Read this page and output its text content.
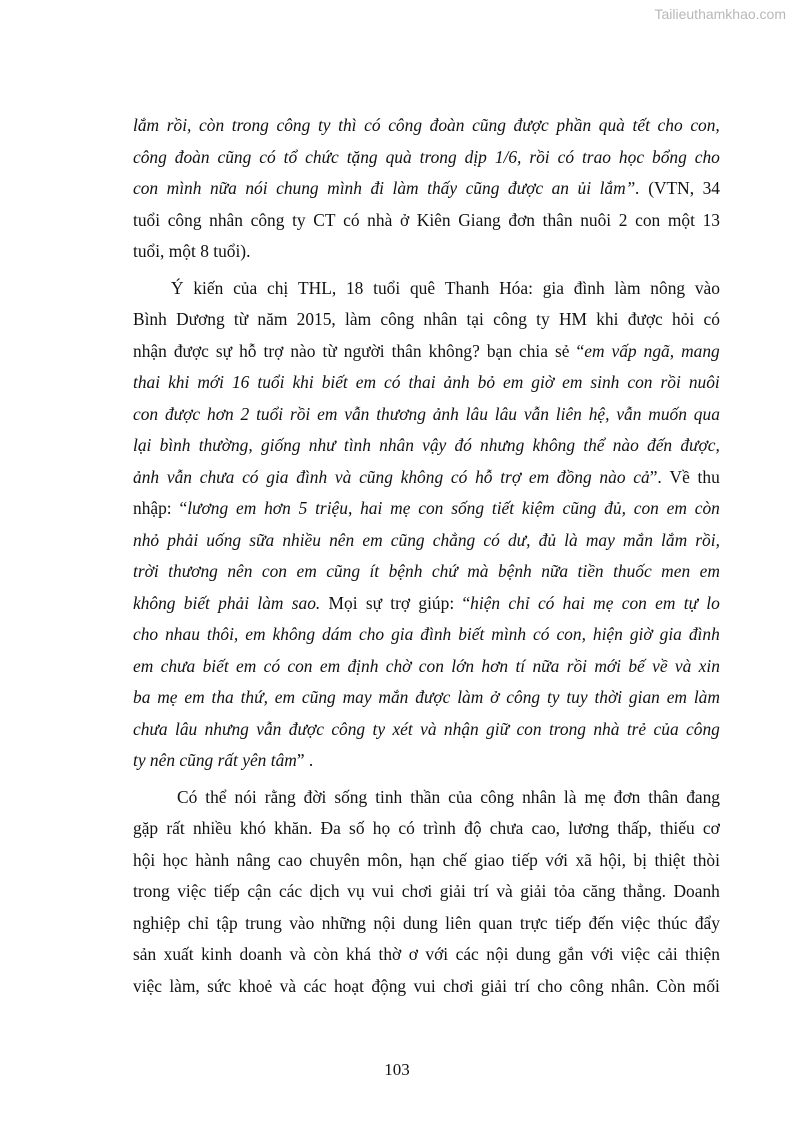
Tailieuthamkhao.com
lắm rồi, còn trong công ty thì có công đoàn cũng được phần quà tết cho con,
công đoàn cũng có tổ chức tặng quà trong dịp 1/6, rồi có trao học bổng cho
con mình nữa nói chung mình đi làm thấy cũng được an ủi lắm”. (VTN, 34
tuổi công nhân công ty CT có nhà ở Kiên Giang đơn thân nuôi 2 con một 13
tuổi, một 8 tuổi).
Ý kiến của chị THL, 18 tuổi quê Thanh Hóa: gia đình làm nông vào
Bình Dương từ năm 2015, làm công nhân tại công ty HM khi được hỏi có
nhận được sự hỗ trợ nào từ người thân không? bạn chia sẻ “em vấp ngã, mang
thai khi mới 16 tuổi khi biết em có thai ảnh bỏ em giờ em sinh con rồi nuôi
con được hơn 2 tuổi rồi em vẫn thương ảnh lâu lâu vẫn liên hệ, vẫn muốn qua
lại bình thường, giống như tình nhân vậy đó nhưng không thể nào đến được,
ảnh vẫn chưa có gia đình và cũng không có hỗ trợ em đồng nào cả”. Về thu
nhập: “lương em hơn 5 triệu, hai mẹ con sống tiết kiệm cũng đủ, con em còn
nhỏ phải uống sữa nhiều nên em cũng chẳng có dư, đủ là may mắn lắm rồi,
trời thương nên con em cũng ít bệnh chứ mà bệnh nữa tiền thuốc men em
không biết phải làm sao. Mọi sự trợ giúp: “hiện chỉ có hai mẹ con em tự lo
cho nhau thôi, em không dám cho gia đình biết mình có con, hiện giờ gia đình
em chưa biết em có con em định chờ con lớn hơn tí nữa rồi mới bế về và xin
ba mẹ em tha thứ, em cũng may mắn được làm ở công ty tuy thời gian em làm
chưa lâu nhưng vẫn được công ty xét và nhận giữ con trong nhà trẻ của công
ty nên cũng rất yên tâm” .
Có thể nói rằng đời sống tinh thần của công nhân là mẹ đơn thân đang
gặp rất nhiều khó khăn. Đa số họ có trình độ chưa cao, lương thấp, thiếu cơ
hội học hành nâng cao chuyên môn, hạn chế giao tiếp với xã hội, bị thiệt thòi
trong việc tiếp cận các dịch vụ vui chơi giải trí và giải tỏa căng thẳng. Doanh
nghiệp chỉ tập trung vào những nội dung liên quan trực tiếp đến việc thúc đẩy
sản xuất kinh doanh và còn khá thờ ơ với các nội dung gắn với việc cải thiện
việc làm, sức khoẻ và các hoạt động vui chơi giải trí cho công nhân. Còn mối
103
